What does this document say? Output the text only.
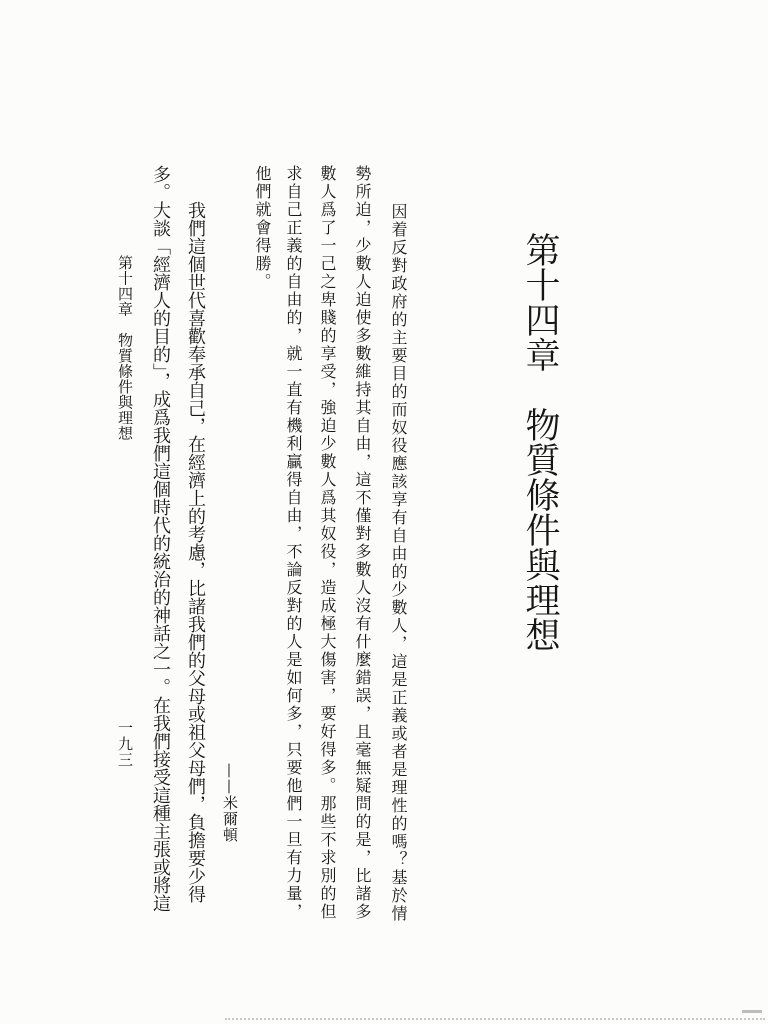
第十四章　物質條件與理想
因着反對政府的主要目的而奴役應該享有自由的少數人，這是正義或者是理性的嗎？基於情
勢所迫，少數人迫使多數維持其自由，這不僅對多數人沒有什麼錯誤，且毫無疑問的是，比諸多
數人爲了一己之卑賤的享受，強迫少數人爲其奴役，造成極大傷害，要好得多。那些不求別的但
求自己正義的自由的，就一直有機利贏得自由，不論反對的人是如何多，只要他們一旦有力量，
他們就會得勝。
——米爾頓
我們這個世代喜歡奉承自己，在經濟上的考慮，比諸我們的父母或祖父母們，負擔要少得
多。大談「經濟人的目的」，成爲我們這個時代的統治的神話之一。在我們接受這種主張或將這
第十四章　物質條件與理想
一九三
